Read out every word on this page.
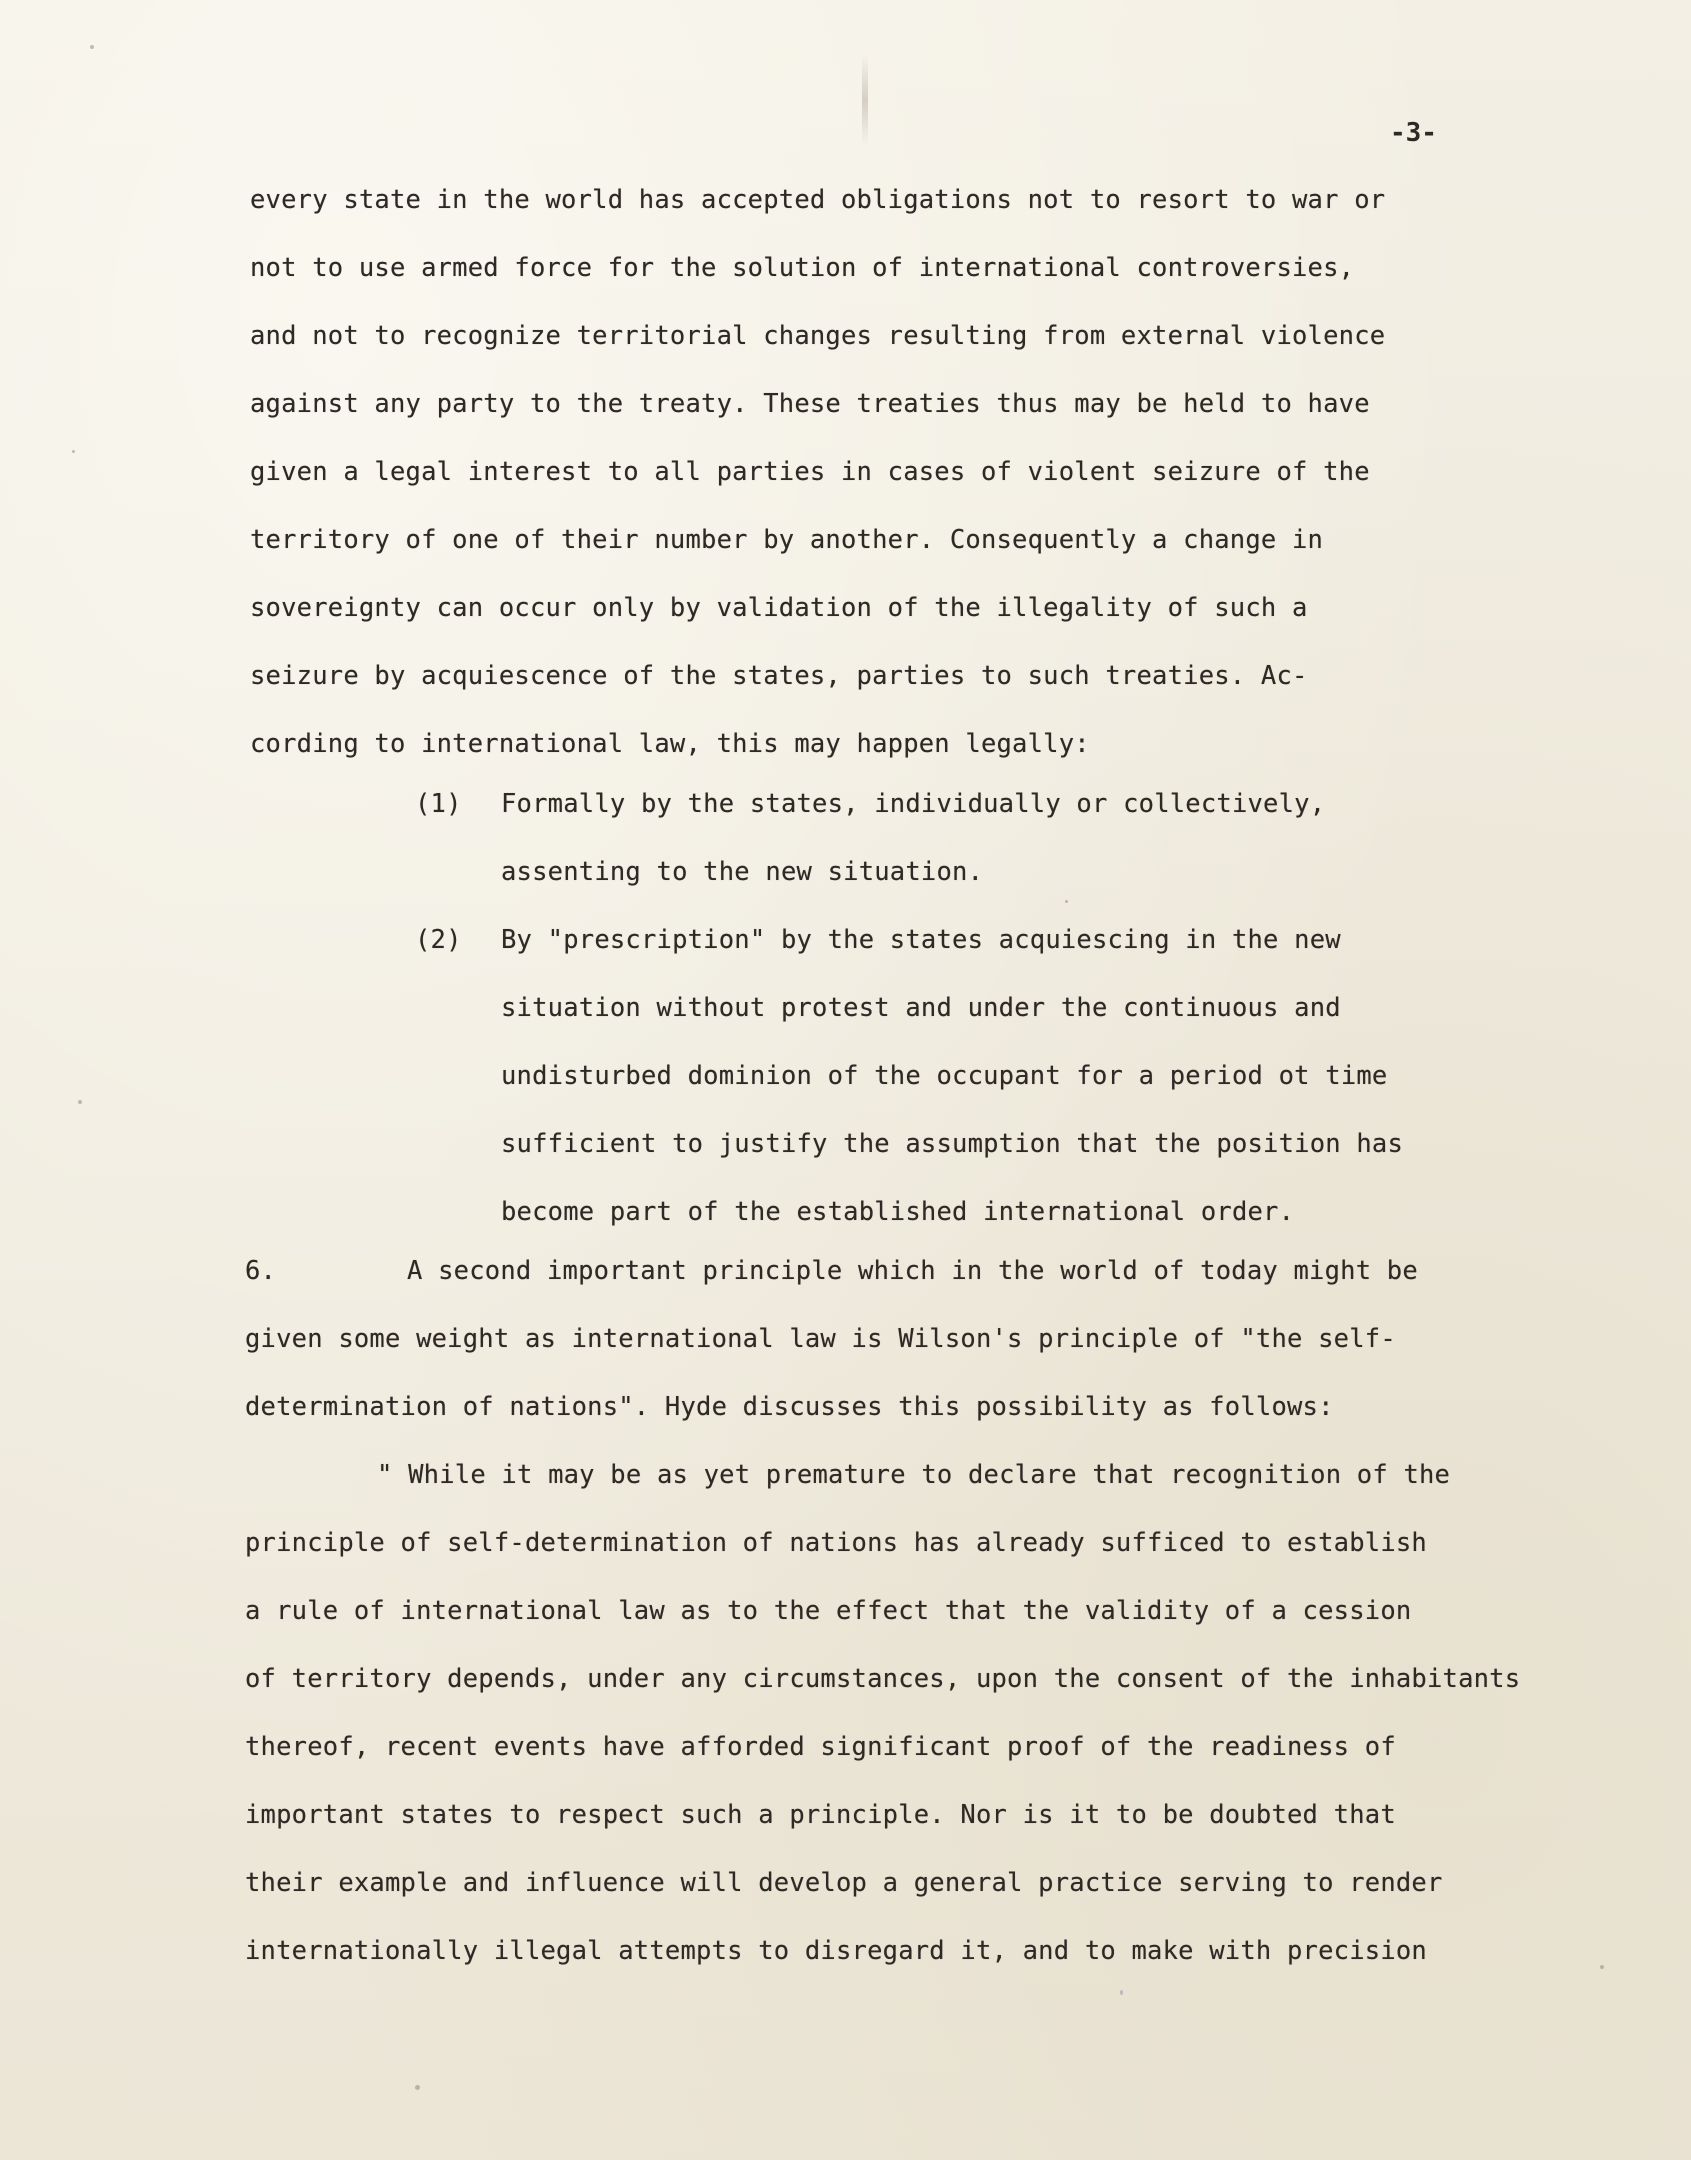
-3-
every state in the world has accepted obligations not to resort to war or
not to use armed force for the solution of international controversies,
and not to recognize territorial changes resulting from external violence
against any party to the treaty. These treaties thus may be held to have
given a legal interest to all parties in cases of violent seizure of the
territory of one of their number by another. Consequently a change in
sovereignty can occur only by validation of the illegality of such a
seizure by acquiescence of the states, parties to such treaties. Ac-
cording to international law, this may happen legally:
(1) Formally by the states, individually or collectively,
assenting to the new situation.
(2) By "prescription" by the states acquiescing in the new
situation without protest and under the continuous and
undisturbed dominion of the occupant for a period ot time
sufficient to justify the assumption that the position has
become part of the established international order.
6.	A second important principle which in the world of today might be
given some weight as international law is Wilson's principle of "the self-
determination of nations". Hyde discusses this possibility as follows:
" While it may be as yet premature to declare that recognition of the
principle of self-determination of nations has already sufficed to establish
a rule of international law as to the effect that the validity of a cession
of territory depends, under any circumstances, upon the consent of the inhabitants
thereof, recent events have afforded significant proof of the readiness of
important states to respect such a principle. Nor is it to be doubted that
their example and influence will develop a general practice serving to render
internationally illegal attempts to disregard it, and to make with precision
